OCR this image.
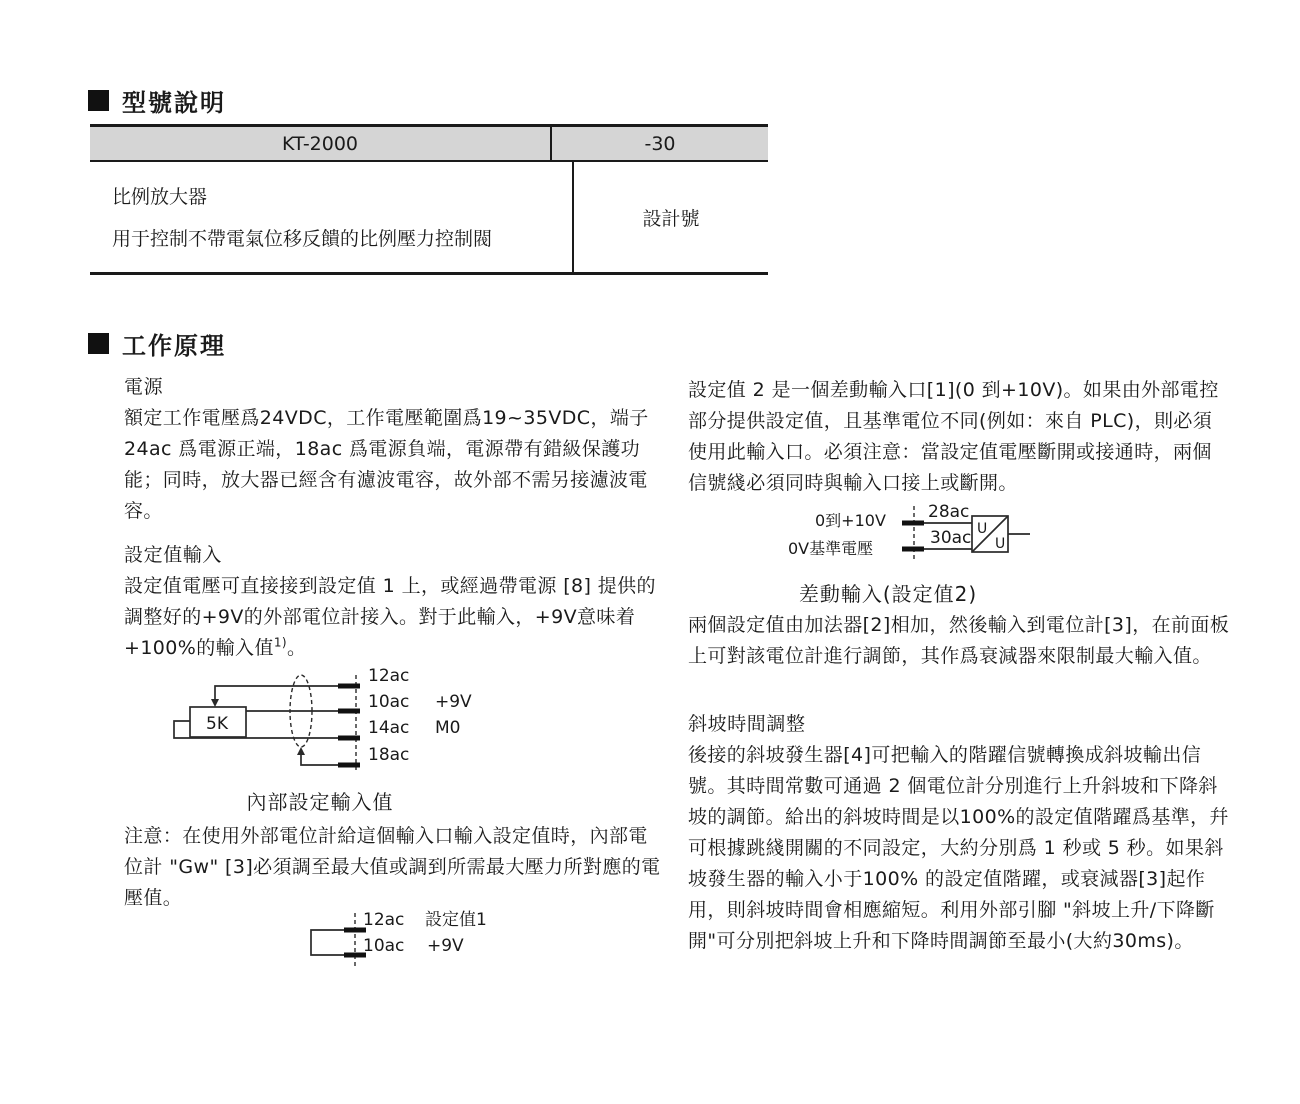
型號說明
KT-2000	-30
比例放大器
用于控制不帶電氣位移反饋的比例壓力控制閥
設計號
工作原理
電源
額定工作電壓爲24VDC，工作電壓範圍爲19~35VDC，端子24ac 爲電源正端，18ac 爲電源負端，電源帶有錯級保護功能；同時，放大器已經含有濾波電容，故外部不需另接濾波電容。
設定值輸入

設定值電壓可直接接到設定值 1 上，或經過帶電源 [8] 提供的調整好的+9V的外部電位計接入。對于此輸入，+9V意味着+100%的輸入值$^{1)}$。

5K
12ac
10ac
14ac
18ac
+9V
M0
內部設定輸入值
注意：在使用外部電位計給這個輸入口輸入設定值時，內部電位計 "Gw" [3]必須調至最大值或調到所需最大壓力所對應的電壓值。
12ac 設定值1
10ac +9V
設定值 2 是一個差動輸入口[1](0 到+10V)。如果由外部電控部分提供設定值，且基準電位不同(例如：來自 PLC)，則必須使用此輸入口。必須注意：當設定值電壓斷開或接通時，兩個信號綫必須同時與輸入口接上或斷開。
0到+10V
0V基準電壓
28ac
30ac U
U
差動輸入(設定值2)
兩個設定值由加法器[2]相加，然後輸入到電位計[3]，在前面板上可對該電位計進行調節，其作爲衰減器來限制最大輸入值。
斜坡時間調整
後接的斜坡發生器[4]可把輸入的階躍信號轉換成斜坡輸出信號。其時間常數可通過 2 個電位計分別進行上升斜坡和下降斜坡的調節。給出的斜坡時間是以100%的設定值階躍爲基準，幷可根據跳綫開關的不同設定，大約分別爲 1 秒或 5 秒。如果斜坡發生器的輸入小于100% 的設定值階躍，或衰減器[3]起作用，則斜坡時間會相應縮短。利用外部引腳 "斜坡上升/下降斷開"可分別把斜坡上升和下降時間調節至最小(大約30ms)。
